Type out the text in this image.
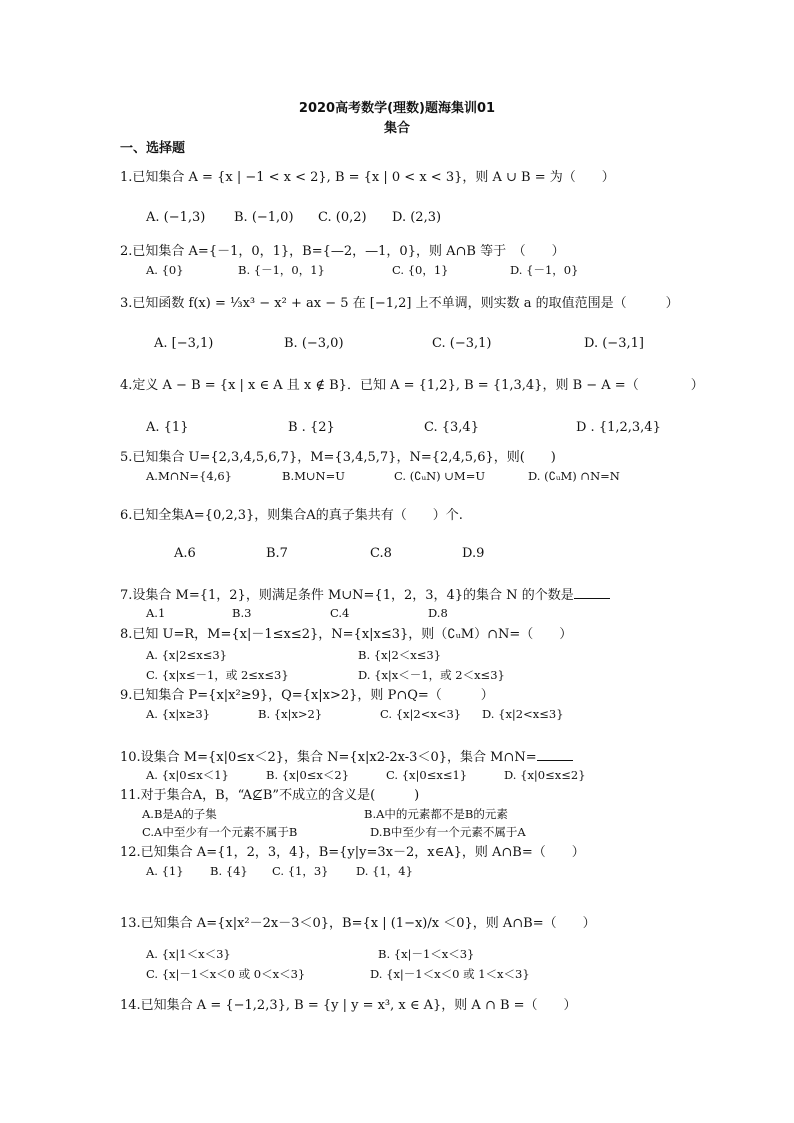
2020高考数学(理数)题海集训01
集合
一、选择题
1.已知集合 A = {x | −1 < x < 2}, B = {x | 0 < x < 3}，则 A ∪ B = 为（　　）
A. (−1,3) B. (−1,0) C. (0,2) D. (2,3)
2.已知集合 A={－1，0，1}，B={—2，—1，0}，则 A∩B 等于　（　　）
A. {0}	B. {－1，0，1}	C. {0，1}	D. {－1，0}
3.已知函数 f(x) = ⅓x³ − x² + ax − 5 在 [−1,2] 上不单调，则实数 a 的取值范围是（　　　）
A. [−3,1)	B. (−3,0)	C. (−3,1)	D. (−3,1]
4.定义 A − B = {x | x ∈ A 且 x ∉ B}．已知 A = {1,2}, B = {1,3,4}，则 B − A =（　　　　）
A. {1}	B . {2}	C. {3,4}	D . {1,2,3,4}
5.已知集合 U={2,3,4,5,6,7}，M={3,4,5,7}，N={2,4,5,6}，则(　　)
A.M∩N={4,6}	B.M∪N=U	C. (∁ᵤN) ∪M=U	D. (∁ᵤM) ∩N=N
6.已知全集A={0,2,3}，则集合A的真子集共有（　　）个.
A.6	B.7	C.8	D.9
7.设集合 M={1，2}，则满足条件 M∪N={1，2，3，4}的集合 N 的个数是
A.1	B.3	C.4	D.8
8.已知 U=R，M={x|－1≤x≤2}，N={x|x≤3}，则（∁ᵤM）∩N=（　　）
A. {x|2≤x≤3}	B. {x|2＜x≤3}
C. {x|x≤－1，或 2≤x≤3}	D. {x|x＜－1，或 2＜x≤3}
9.已知集合 P={x|x²≥9}，Q={x|x>2}，则 P∩Q=（　　　）
A. {x|x≥3}	B. {x|x>2}	C. {x|2<x<3} D. {x|2<x≤3}
10.设集合 M={x|0≤x＜2}，集合 N={x|x2-2x-3＜0}，集合 M∩N=
A. {x|0≤x＜1}	B. {x|0≤x＜2}	C. {x|0≤x≤1}	D. {x|0≤x≤2}
11.对于集合A，B，“A⊈B”不成立的含义是(　　　)
A.B是A的子集	B.A中的元素都不是B的元素
C.A中至少有一个元素不属于B	D.B中至少有一个元素不属于A
12.已知集合 A={1，2，3，4}，B={y|y=3x－2，x∈A}，则 A∩B=（　　）
A. {1} B. {4} C. {1，3} D. {1，4}
13.已知集合 A={x|x²－2x－3＜0}，B={x | (1−x)/x ＜0}，则 A∩B=（　　）
A. {x|1＜x＜3}	B. {x|－1＜x＜3}
C. {x|－1＜x＜0 或 0＜x＜3}	D. {x|－1＜x＜0 或 1＜x＜3}
14.已知集合 A = {−1,2,3}, B = {y | y = x³, x ∈ A}，则 A ∩ B =（　　）
